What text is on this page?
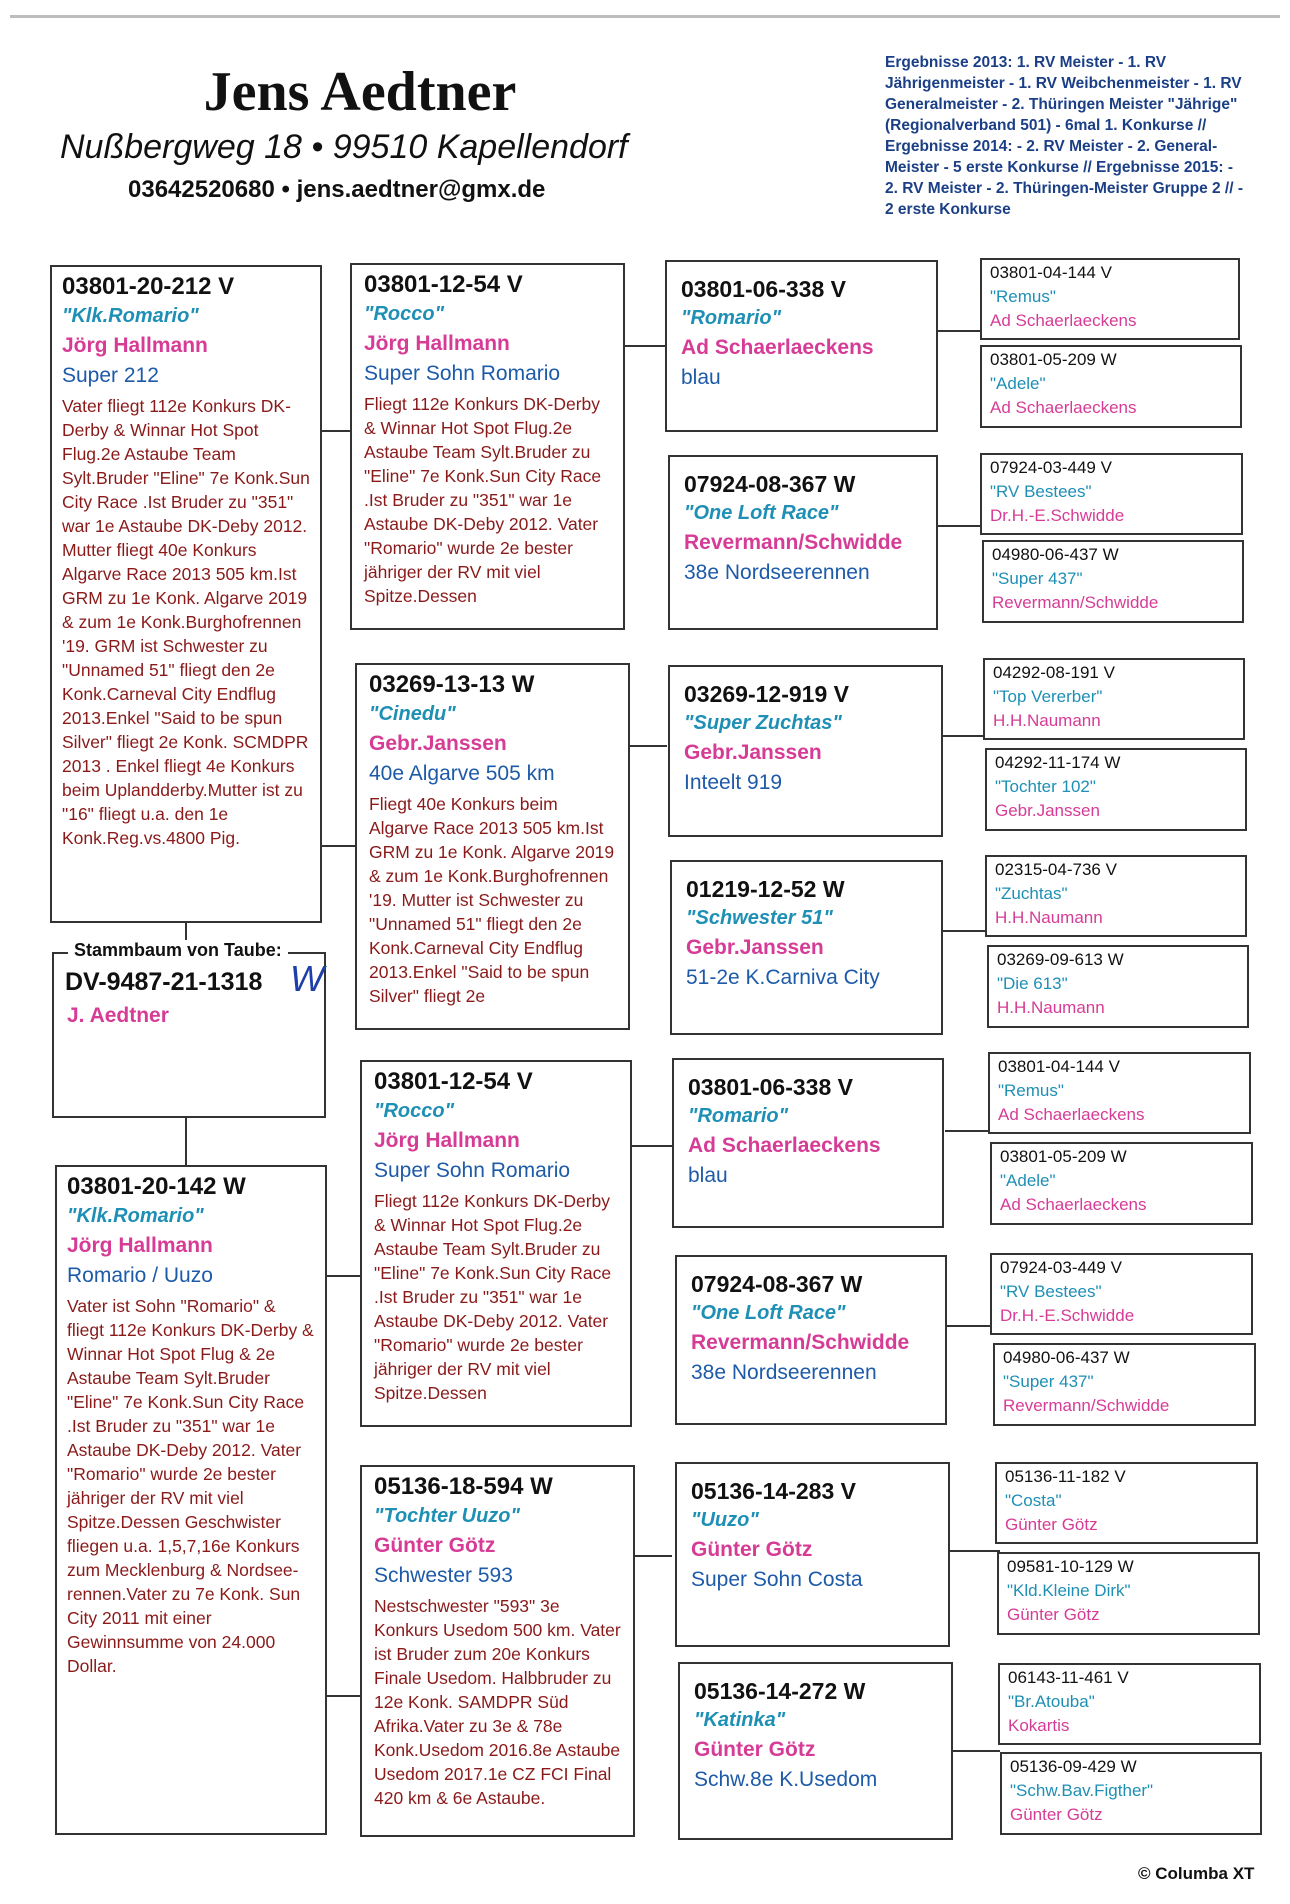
Jens Aedtner
Nußbergweg 18 • 99510 Kapellendorf
03642520680 • jens.aedtner@gmx.de
Ergebnisse 2013: 1. RV Meister - 1. RV Jährigenmeister - 1. RV Weibchenmeister - 1. RV Generalmeister - 2. Thüringen Meister "Jährige" (Regionalverband 501) - 6mal 1. Konkurse // Ergebnisse 2014: - 2. RV Meister - 2. General-Meister - 5 erste Konkurse // Ergebnisse 2015: - 2. RV Meister - 2. Thüringen-Meister Gruppe 2 // - 2 erste Konkurse
03801-20-212 V
"Klk.Romario"
Jörg Hallmann
Super 212
Vater fliegt 112e Konkurs DK-Derby & Winnar Hot Spot Flug.2e Astaube Team Sylt.Bruder "Eline" 7e Konk.Sun City Race .Ist Bruder zu "351" war 1e Astaube DK-Deby 2012. Mutter fliegt 40e Konkurs Algarve Race 2013 505 km.Ist GRM zu 1e Konk. Algarve 2019 & zum 1e Konk.Burghofrennen '19. GRM ist Schwester zu "Unnamed 51" fliegt den 2e Konk.Carneval City Endflug 2013.Enkel "Said to be spun Silver" fliegt 2e Konk. SCMDPR 2013 . Enkel fliegt 4e Konkurs beim Uplandderby.Mutter ist zu "16" fliegt u.a. den 1e Konk.Reg.vs.4800 Pig.
Stammbaum von Taube:
DV-9487-21-1318 W
J. Aedtner
03801-20-142 W
"Klk.Romario"
Jörg Hallmann
Romario / Uuzo
Vater ist Sohn "Romario" & fliegt 112e Konkurs DK-Derby & Winnar Hot Spot Flug & 2e Astaube Team Sylt.Bruder "Eline" 7e Konk.Sun City Race .Ist Bruder zu "351" war 1e Astaube DK-Deby 2012. Vater "Romario" wurde 2e bester jähriger der RV mit viel Spitze.Dessen Geschwister fliegen u.a. 1,5,7,16e Konkurs zum Mecklenburg & Nordsee-rennen.Vater zu 7e Konk. Sun City 2011 mit einer Gewinnsumme von 24.000 Dollar.
03801-12-54 V
"Rocco"
Jörg Hallmann
Super Sohn Romario
Fliegt 112e Konkurs DK-Derby & Winnar Hot Spot Flug.2e Astaube Team Sylt.Bruder zu "Eline" 7e Konk.Sun City Race .Ist Bruder zu "351" war 1e Astaube DK-Deby 2012. Vater "Romario" wurde 2e bester jähriger der RV mit viel Spitze.Dessen
03269-13-13 W
"Cinedu"
Gebr.Janssen
40e Algarve 505 km
Fliegt 40e Konkurs beim Algarve Race 2013 505 km.Ist GRM zu 1e Konk. Algarve 2019 & zum 1e Konk.Burghofrennen '19. Mutter ist Schwester zu "Unnamed 51" fliegt den 2e Konk.Carneval City Endflug 2013.Enkel "Said to be spun Silver" fliegt 2e
03801-12-54 V
"Rocco"
Jörg Hallmann
Super Sohn Romario
Fliegt 112e Konkurs DK-Derby & Winnar Hot Spot Flug.2e Astaube Team Sylt.Bruder zu "Eline" 7e Konk.Sun City Race .Ist Bruder zu "351" war 1e Astaube DK-Deby 2012. Vater "Romario" wurde 2e bester jähriger der RV mit viel Spitze.Dessen
05136-18-594 W
"Tochter Uuzo"
Günter Götz
Schwester 593
Nestschwester "593" 3e Konkurs Usedom 500 km. Vater ist Bruder zum 20e Konkurs Finale Usedom. Halbbruder zu 12e Konk. SAMDPR Süd Afrika.Vater zu 3e & 78e Konk.Usedom 2016.8e Astaube Usedom 2017.1e CZ FCI Final 420 km & 6e Astaube.
03801-06-338 V
"Romario"
Ad Schaerlaeckens
blau
07924-08-367 W
"One Loft Race"
Revermann/Schwidde
38e Nordseerennen
03269-12-919 V
"Super Zuchtas"
Gebr.Janssen
Inteelt 919
01219-12-52 W
"Schwester 51"
Gebr.Janssen
51-2e K.Carniva City
03801-06-338 V
"Romario"
Ad Schaerlaeckens
blau
07924-08-367 W
"One Loft Race"
Revermann/Schwidde
38e Nordseerennen
05136-14-283 V
"Uuzo"
Günter Götz
Super Sohn Costa
05136-14-272 W
"Katinka"
Günter Götz
Schw.8e K.Usedom
03801-04-144 V
"Remus"
Ad Schaerlaeckens
03801-05-209 W
"Adele"
Ad Schaerlaeckens
07924-03-449 V
"RV Bestees"
Dr.H.-E.Schwidde
04980-06-437 W
"Super 437"
Revermann/Schwidde
04292-08-191 V
"Top Vererber"
H.H.Naumann
04292-11-174 W
"Tochter 102"
Gebr.Janssen
02315-04-736 V
"Zuchtas"
H.H.Naumann
03269-09-613 W
"Die 613"
H.H.Naumann
03801-04-144 V
"Remus"
Ad Schaerlaeckens
03801-05-209 W
"Adele"
Ad Schaerlaeckens
07924-03-449 V
"RV Bestees"
Dr.H.-E.Schwidde
04980-06-437 W
"Super 437"
Revermann/Schwidde
05136-11-182 V
"Costa"
Günter Götz
09581-10-129 W
"Kld.Kleine Dirk"
Günter Götz
06143-11-461 V
"Br.Atouba"
Kokartis
05136-09-429 W
"Schw.Bav.Figther"
Günter Götz
© Columba XT
